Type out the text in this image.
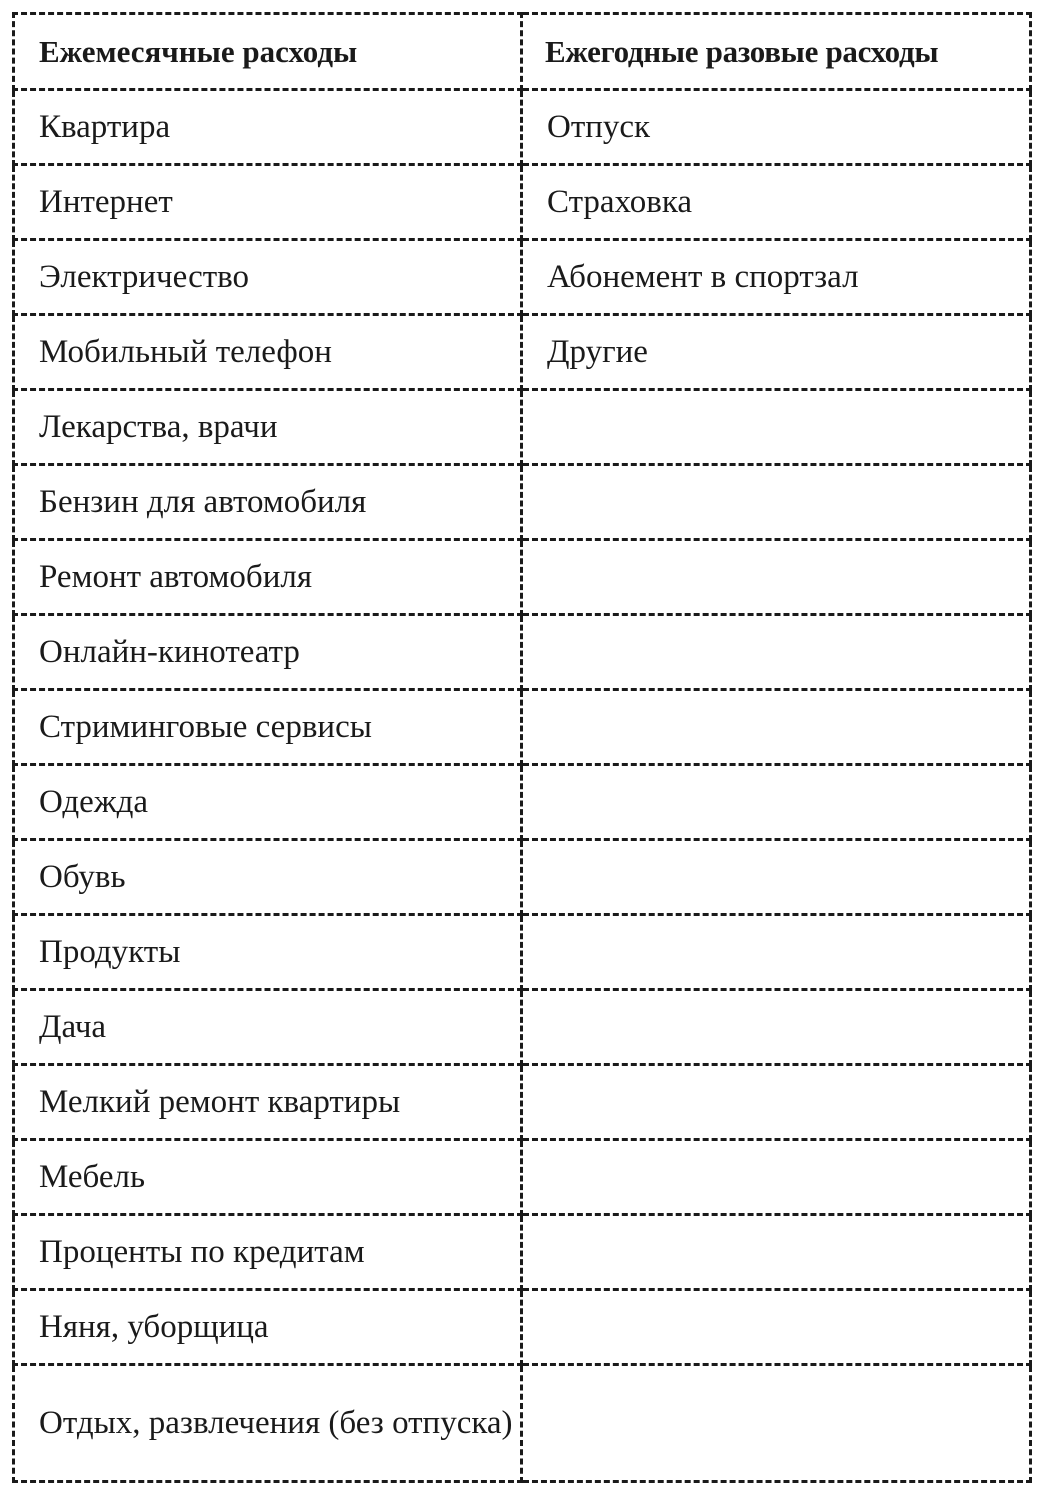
Ежемесячные расходы	Ежегодные разовые расходы
Квартира	Отпуск
Интернет	Страховка
Электричество	Абонемент в спортзал
Мобильный телефон	Другие
Лекарства, врачи	
Бензин для автомобиля	
Ремонт автомобиля	
Онлайн-кинотеатр	
Стриминговые сервисы	
Одежда	
Обувь	
Продукты	
Дача	
Мелкий ремонт квартиры	
Мебель	
Проценты по кредитам	
Няня, уборщица	
Отдых, развлечения (без отпуска)	
